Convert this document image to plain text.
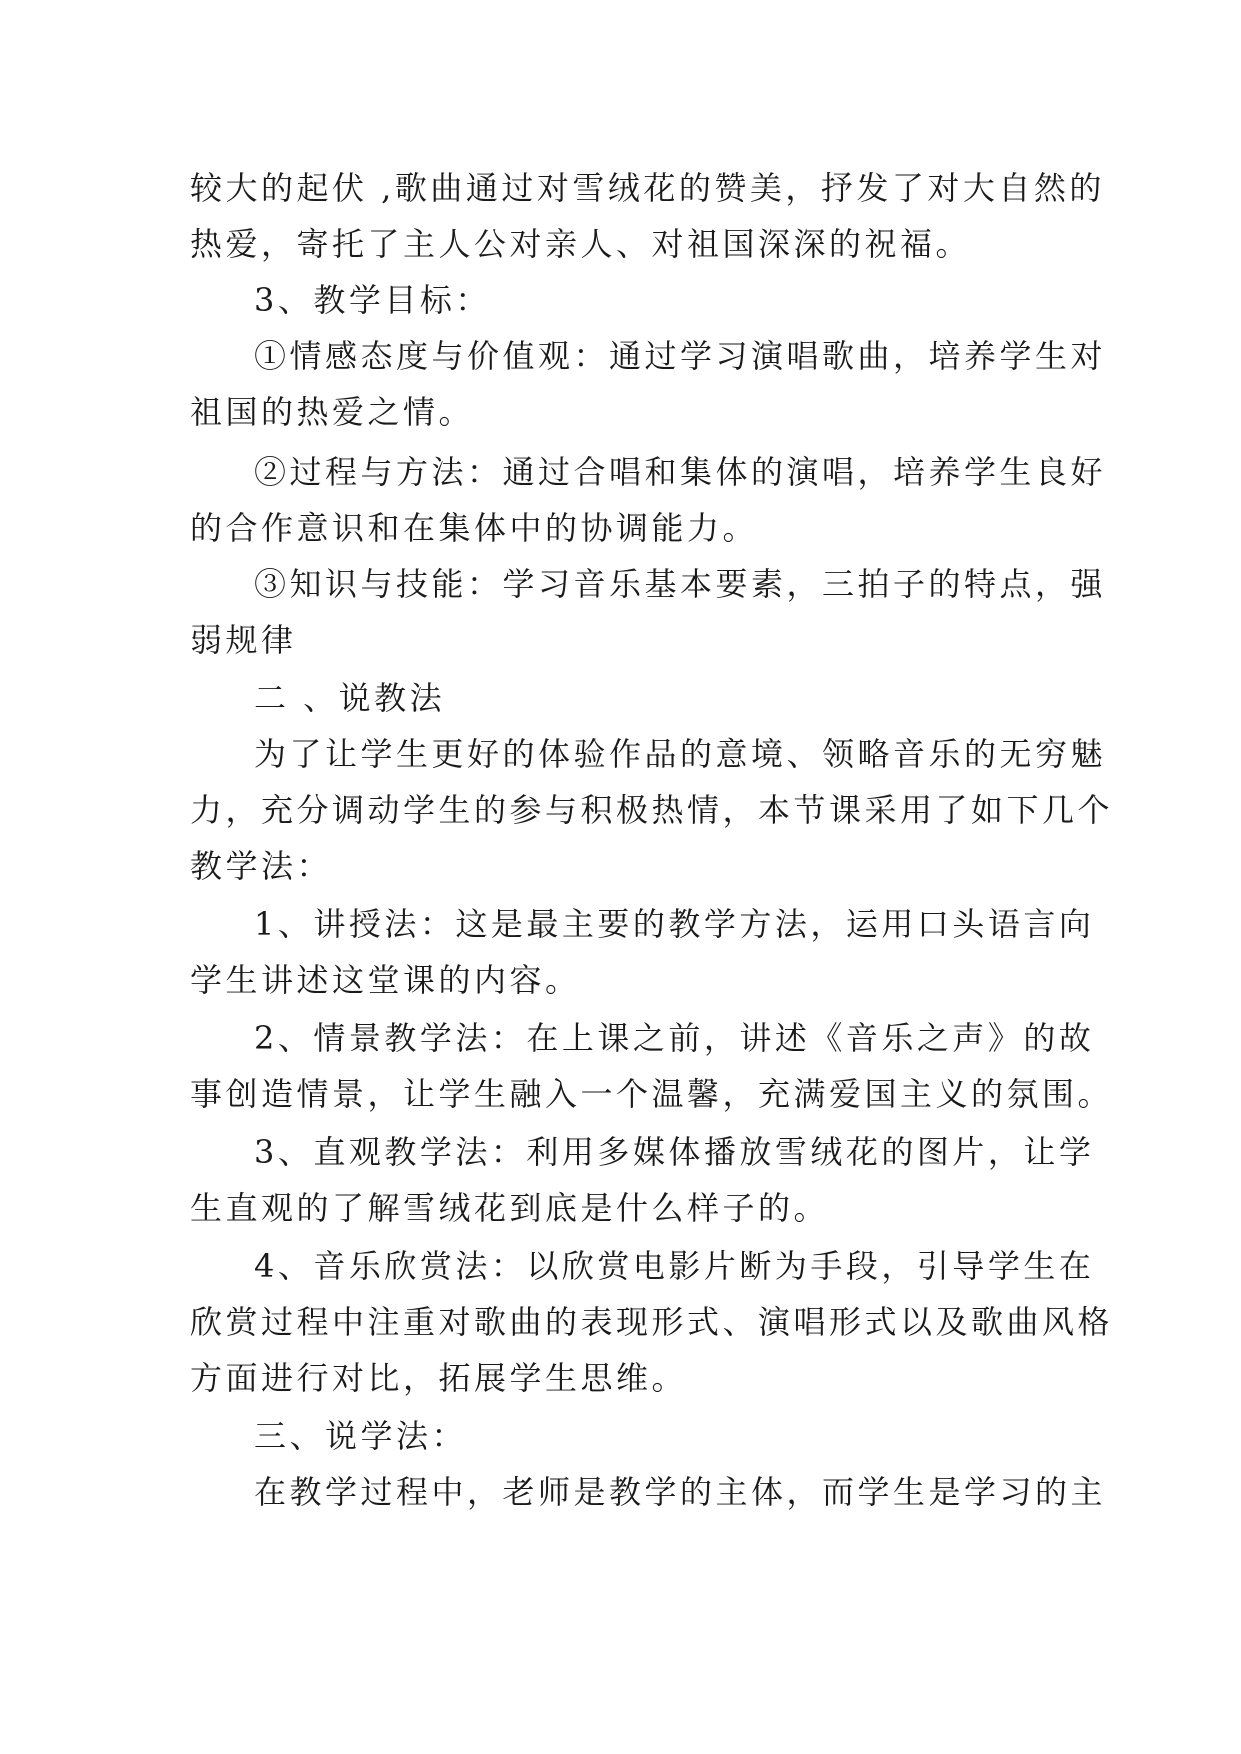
较大的起伏 ,歌曲通过对雪绒花的赞美，抒发了对大自然的
热爱，寄托了主人公对亲人、对祖国深深的祝福。
3、教学目标：
①情感态度与价值观：通过学习演唱歌曲，培养学生对
祖国的热爱之情。
②过程与方法：通过合唱和集体的演唱，培养学生良好
的合作意识和在集体中的协调能力。
③知识与技能：学习音乐基本要素，三拍子的特点，强
弱规律
二 、说教法
为了让学生更好的体验作品的意境、领略音乐的无穷魅
力，充分调动学生的参与积极热情，本节课采用了如下几个
教学法：
1、讲授法：这是最主要的教学方法，运用口头语言向
学生讲述这堂课的内容。
2、情景教学法：在上课之前，讲述《音乐之声》的故
事创造情景，让学生融入一个温馨，充满爱国主义的氛围。
3、直观教学法：利用多媒体播放雪绒花的图片，让学
生直观的了解雪绒花到底是什么样子的。
4、音乐欣赏法：以欣赏电影片断为手段，引导学生在
欣赏过程中注重对歌曲的表现形式、演唱形式以及歌曲风格
方面进行对比，拓展学生思维。
三、说学法：
在教学过程中，老师是教学的主体，而学生是学习的主
